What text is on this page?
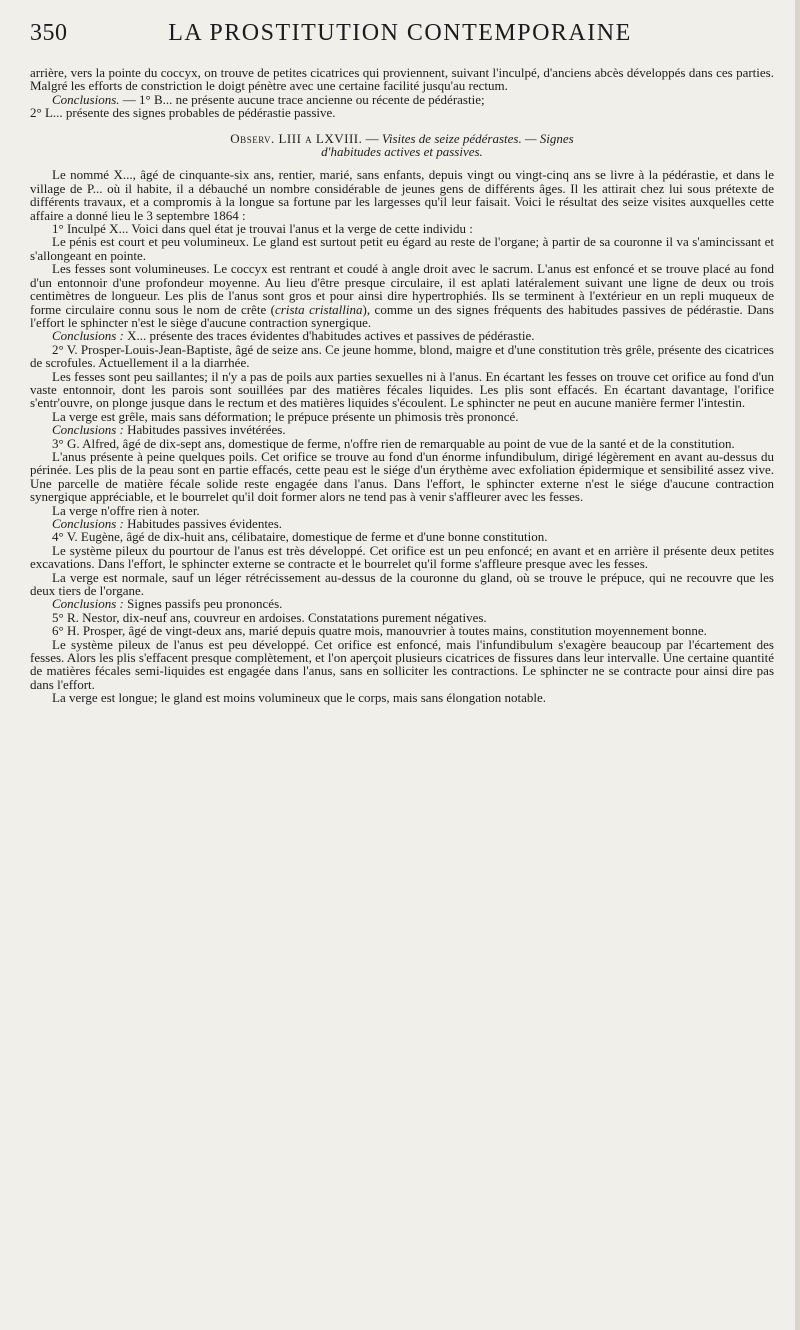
350	LA PROSTITUTION CONTEMPORAINE

arrière, vers la pointe du coccyx, on trouve de petites cicatrices qui proviennent, suivant l'inculpé, d'anciens abcès développés dans ces parties. Malgré les efforts de constriction le doigt pénètre avec une certaine facilité jusqu'au rectum.

Conclusions. — 1° B... ne présente aucune trace ancienne ou récente de pédérastie;

2° L... présente des signes probables de pédérastie passive.

Observ. LIII a LXVIII. — Visites de seize pédérastes. — Signes
d'habitudes actives et passives.

Le nommé X..., âgé de cinquante-six ans, rentier, marié, sans enfants, depuis vingt ou vingt-cinq ans se livre à la pédérastie, et dans le village de P... où il habite, il a débauché un nombre considérable de jeunes gens de différents âges. Il les attirait chez lui sous prétexte de différents travaux, et a compromis à la longue sa fortune par les largesses qu'il leur faisait. Voici le résultat des seize visites auxquelles cette affaire a donné lieu le 3 septembre 1864 :

1° Inculpé X... Voici dans quel état je trouvai l'anus et la verge de cette individu :

Le pénis est court et peu volumineux. Le gland est surtout petit eu égard au reste de l'organe; à partir de sa couronne il va s'amincissant et s'allongeant en pointe.

Les fesses sont volumineuses. Le coccyx est rentrant et coudé à angle droit avec le sacrum. L'anus est enfoncé et se trouve placé au fond d'un entonnoir d'une profondeur moyenne. Au lieu d'être presque circulaire, il est aplati latéralement suivant une ligne de deux ou trois centimètres de longueur. Les plis de l'anus sont gros et pour ainsi dire hypertrophiés. Ils se terminent à l'extérieur en un repli muqueux de forme circulaire connu sous le nom de crête (crista cristallina), comme un des signes fréquents des habitudes passives de pédérastie. Dans l'effort le sphincter n'est le siège d'aucune contraction synergique.

Conclusions : X... présente des traces évidentes d'habitudes actives et passives de pédérastie.

2° V. Prosper-Louis-Jean-Baptiste, âgé de seize ans. Ce jeune homme, blond, maigre et d'une constitution très grêle, présente des cicatrices de scrofules. Actuellement il a la diarrhée.

Les fesses sont peu saillantes; il n'y a pas de poils aux parties sexuelles ni à l'anus. En écartant les fesses on trouve cet orifice au fond d'un vaste entonnoir, dont les parois sont souillées par des matières fécales liquides. Les plis sont effacés. En écartant davantage, l'orifice s'entr'ouvre, on plonge jusque dans le rectum et des matières liquides s'écoulent. Le sphincter ne peut en aucune manière fermer l'intestin.

La verge est grêle, mais sans déformation; le prépuce présente un phimosis très prononcé.

Conclusions : Habitudes passives invétérées.

3° G. Alfred, âgé de dix-sept ans, domestique de ferme, n'offre rien de remarquable au point de vue de la santé et de la constitution.

L'anus présente à peine quelques poils. Cet orifice se trouve au fond d'un énorme infundibulum, dirigé légèrement en avant au-dessus du périnée. Les plis de la peau sont en partie effacés, cette peau est le siége d'un érythème avec exfoliation épidermique et sensibilité assez vive. Une parcelle de matière fécale solide reste engagée dans l'anus. Dans l'effort, le sphincter externe n'est le siége d'aucune contraction synergique appréciable, et le bourrelet qu'il doit former alors ne tend pas à venir s'affleurer avec les fesses.

La verge n'offre rien à noter.

Conclusions : Habitudes passives évidentes.

4° V. Eugène, âgé de dix-huit ans, célibataire, domestique de ferme et d'une bonne constitution.

Le système pileux du pourtour de l'anus est très développé. Cet orifice est un peu enfoncé; en avant et en arrière il présente deux petites excavations. Dans l'effort, le sphincter externe se contracte et le bourrelet qu'il forme s'affleure presque avec les fesses.

La verge est normale, sauf un léger rétrécissement au-dessus de la couronne du gland, où se trouve le prépuce, qui ne recouvre que les deux tiers de l'organe.

Conclusions : Signes passifs peu prononcés.

5° R. Nestor, dix-neuf ans, couvreur en ardoises. Constatations purement négatives.

6° H. Prosper, âgé de vingt-deux ans, marié depuis quatre mois, manouvrier à toutes mains, constitution moyennement bonne.

Le système pileux de l'anus est peu développé. Cet orifice est enfoncé, mais l'infundibulum s'exagère beaucoup par l'écartement des fesses. Alors les plis s'effacent presque complètement, et l'on aperçoit plusieurs cicatrices de fissures dans leur intervalle. Une certaine quantité de matières fécales semi-liquides est engagée dans l'anus, sans en solliciter les contractions. Le sphincter ne se contracte pour ainsi dire pas dans l'effort.

La verge est longue; le gland est moins volumineux que le corps, mais sans élongation notable.
